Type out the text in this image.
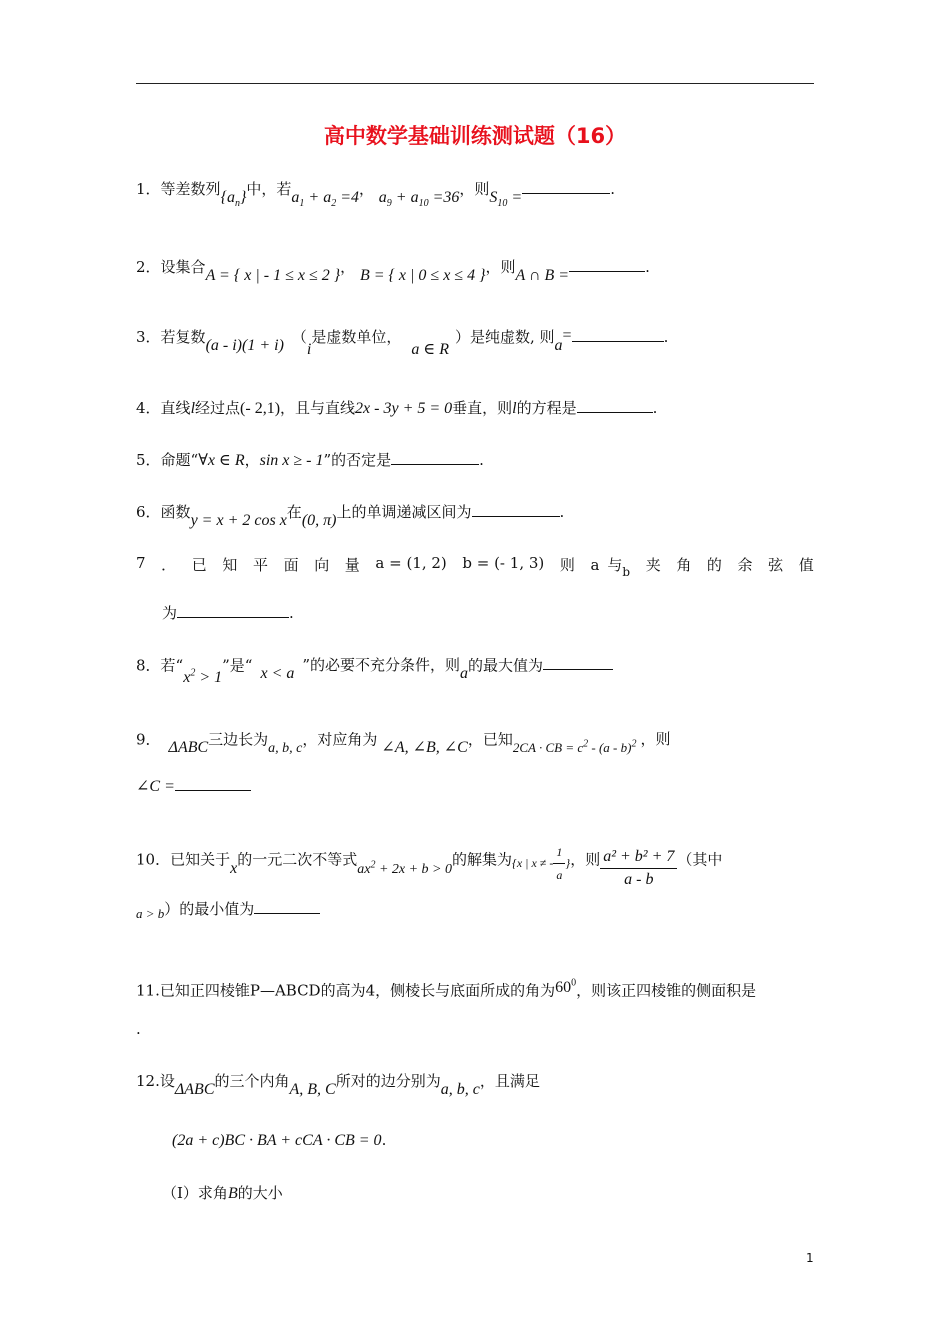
高中数学基础训练测试题（16）
1．等差数列$\{a_n\}$中，若$a_1 + a_2 =4$， $a_9 + a_{10} =36$，则$S_{10}$ =	.
2．设集合A = { x | - 1 ≤ x ≤ 2 }， B = { x | 0 ≤ x ≤ 4 }，则A ∩ B =	.
3．若复数(a - i)(1 + i) （i是虚数单位，a ∈ R）是纯虚数, 则a=	.
4．直线l经过点(- 2,1)，且与直线2x - 3y + 5 = 0垂直，则l的方程是	.
5．命题“∀x ∈ R，sin x ≥ - 1”的否定是	.
6．函数y = x + 2 cos x在(0, π)上的单调递减区间为	.
7 ． 已 知 平 面 向 量 a = (1, 2) b = (- 1, 3) 则 a 与$_b$ 夹 角 的 余 弦 值
为	.
8．若“$x^2 > 1$”是“ x < a ”的必要不充分条件，则a的最大值为
9． ΔABC三边长为a, b, c，对应角为 ∠A, ∠B, ∠C，已知2CA · CB = $c^2 - (a - b)^2$ ，则
∠C =
10．已知关于x的一元二次不等式$ax^2 + 2x + b > 0$的解集为{x | x ≠ - $\frac{1}{a}$ }，则 $\frac{\text{a² + b² + 7}}{a - b}$ （其中
a > b）的最小值为
11.已知正四棱锥P—ABCD的高为4，侧棱长与底面所成的角为$60^0$，则该正四棱锥的侧面积是
.
12.设ΔABC的三个内角A, B, C所对的边分别为a, b, c，且满足
(2a + c)BC · BA + cCA · CB = 0.
（Ⅰ）求角B的大小
1
